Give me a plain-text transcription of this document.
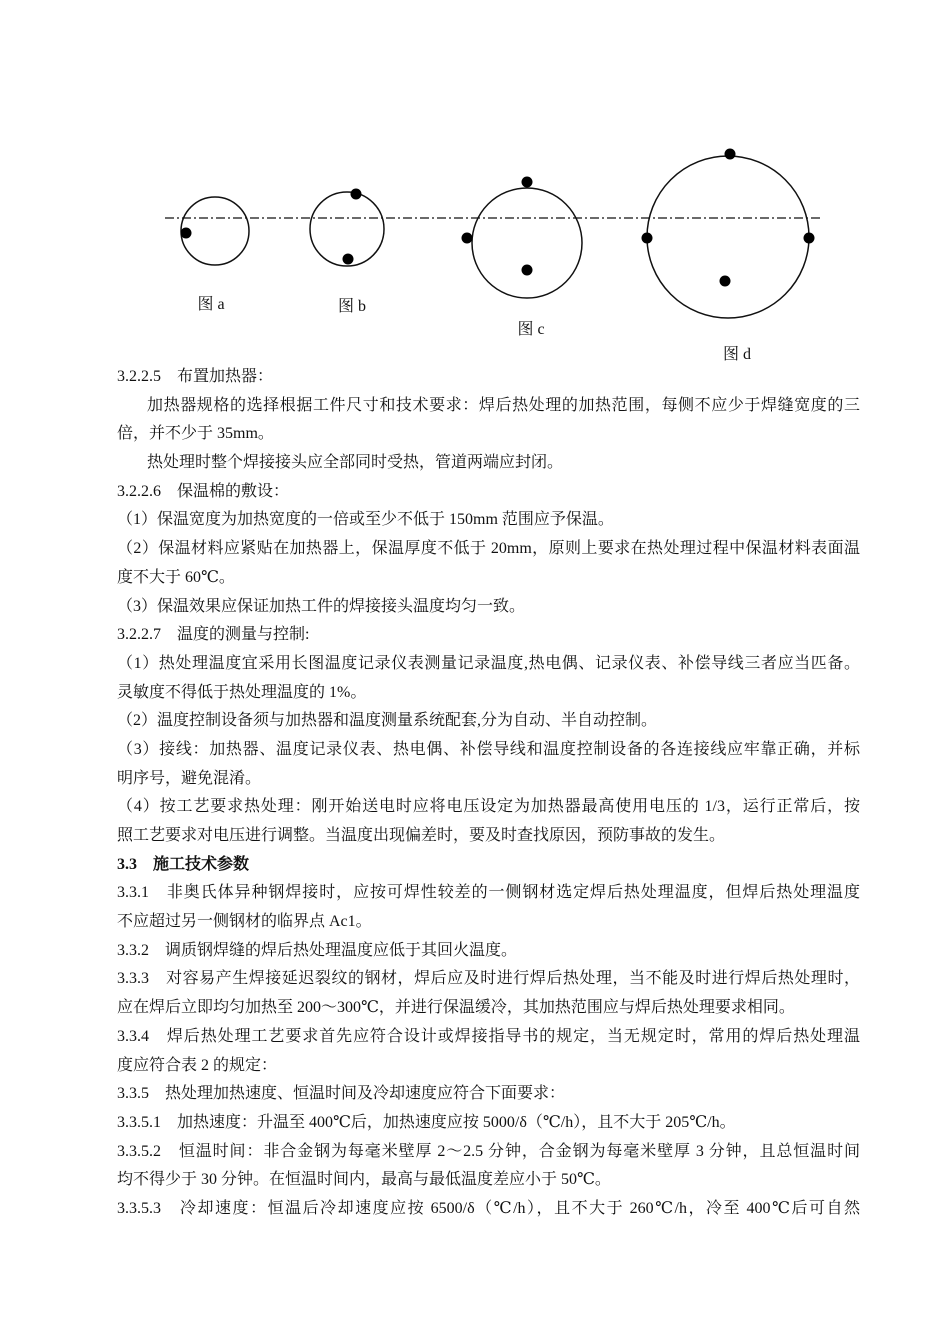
图 a	图 b
图 c
图 d
3.2.2.5　布置加热器：
加热器规格的选择根据工件尺寸和技术要求：焊后热处理的加热范围，每侧不应少于焊缝宽度的三
倍，并不少于 35mm。
热处理时整个焊接接头应全部同时受热，管道两端应封闭。
3.2.2.6　保温棉的敷设：
（1）保温宽度为加热宽度的一倍或至少不低于 150mm 范围应予保温。
（2）保温材料应紧贴在加热器上，保温厚度不低于 20mm，原则上要求在热处理过程中保温材料表面温
度不大于 60℃。
（3）保温效果应保证加热工件的焊接接头温度均匀一致。
3.2.2.7　温度的测量与控制:
（1）热处理温度宜采用长图温度记录仪表测量记录温度,热电偶、记录仪表、补偿导线三者应当匹备。
灵敏度不得低于热处理温度的 1%。
（2）温度控制设备须与加热器和温度测量系统配套,分为自动、半自动控制。
（3）接线：加热器、温度记录仪表、热电偶、补偿导线和温度控制设备的各连接线应牢靠正确，并标
明序号，避免混淆。
（4）按工艺要求热处理：刚开始送电时应将电压设定为加热器最高使用电压的 1/3，运行正常后，按
照工艺要求对电压进行调整。当温度出现偏差时，要及时查找原因，预防事故的发生。
3.3　施工技术参数
3.3.1　非奥氏体异种钢焊接时，应按可焊性较差的一侧钢材选定焊后热处理温度，但焊后热处理温度
不应超过另一侧钢材的临界点 Ac1。
3.3.2　调质钢焊缝的焊后热处理温度应低于其回火温度。
3.3.3　对容易产生焊接延迟裂纹的钢材，焊后应及时进行焊后热处理，当不能及时进行焊后热处理时，
应在焊后立即均匀加热至 200～300℃，并进行保温缓冷，其加热范围应与焊后热处理要求相同。
3.3.4　焊后热处理工艺要求首先应符合设计或焊接指导书的规定，当无规定时，常用的焊后热处理温
度应符合表 2 的规定：
3.3.5　热处理加热速度、恒温时间及冷却速度应符合下面要求：
3.3.5.1　加热速度：升温至 400℃后，加热速度应按 5000/δ（℃/h），且不大于 205℃/h。
3.3.5.2　恒温时间：非合金钢为每毫米壁厚 2～2.5 分钟，合金钢为每毫米壁厚 3 分钟，且总恒温时间
均不得少于 30 分钟。在恒温时间内，最高与最低温度差应小于 50℃。
3.3.5.3　冷却速度：恒温后冷却速度应按 6500/δ（℃/h），且不大于 260℃/h，冷至 400℃后可自然
